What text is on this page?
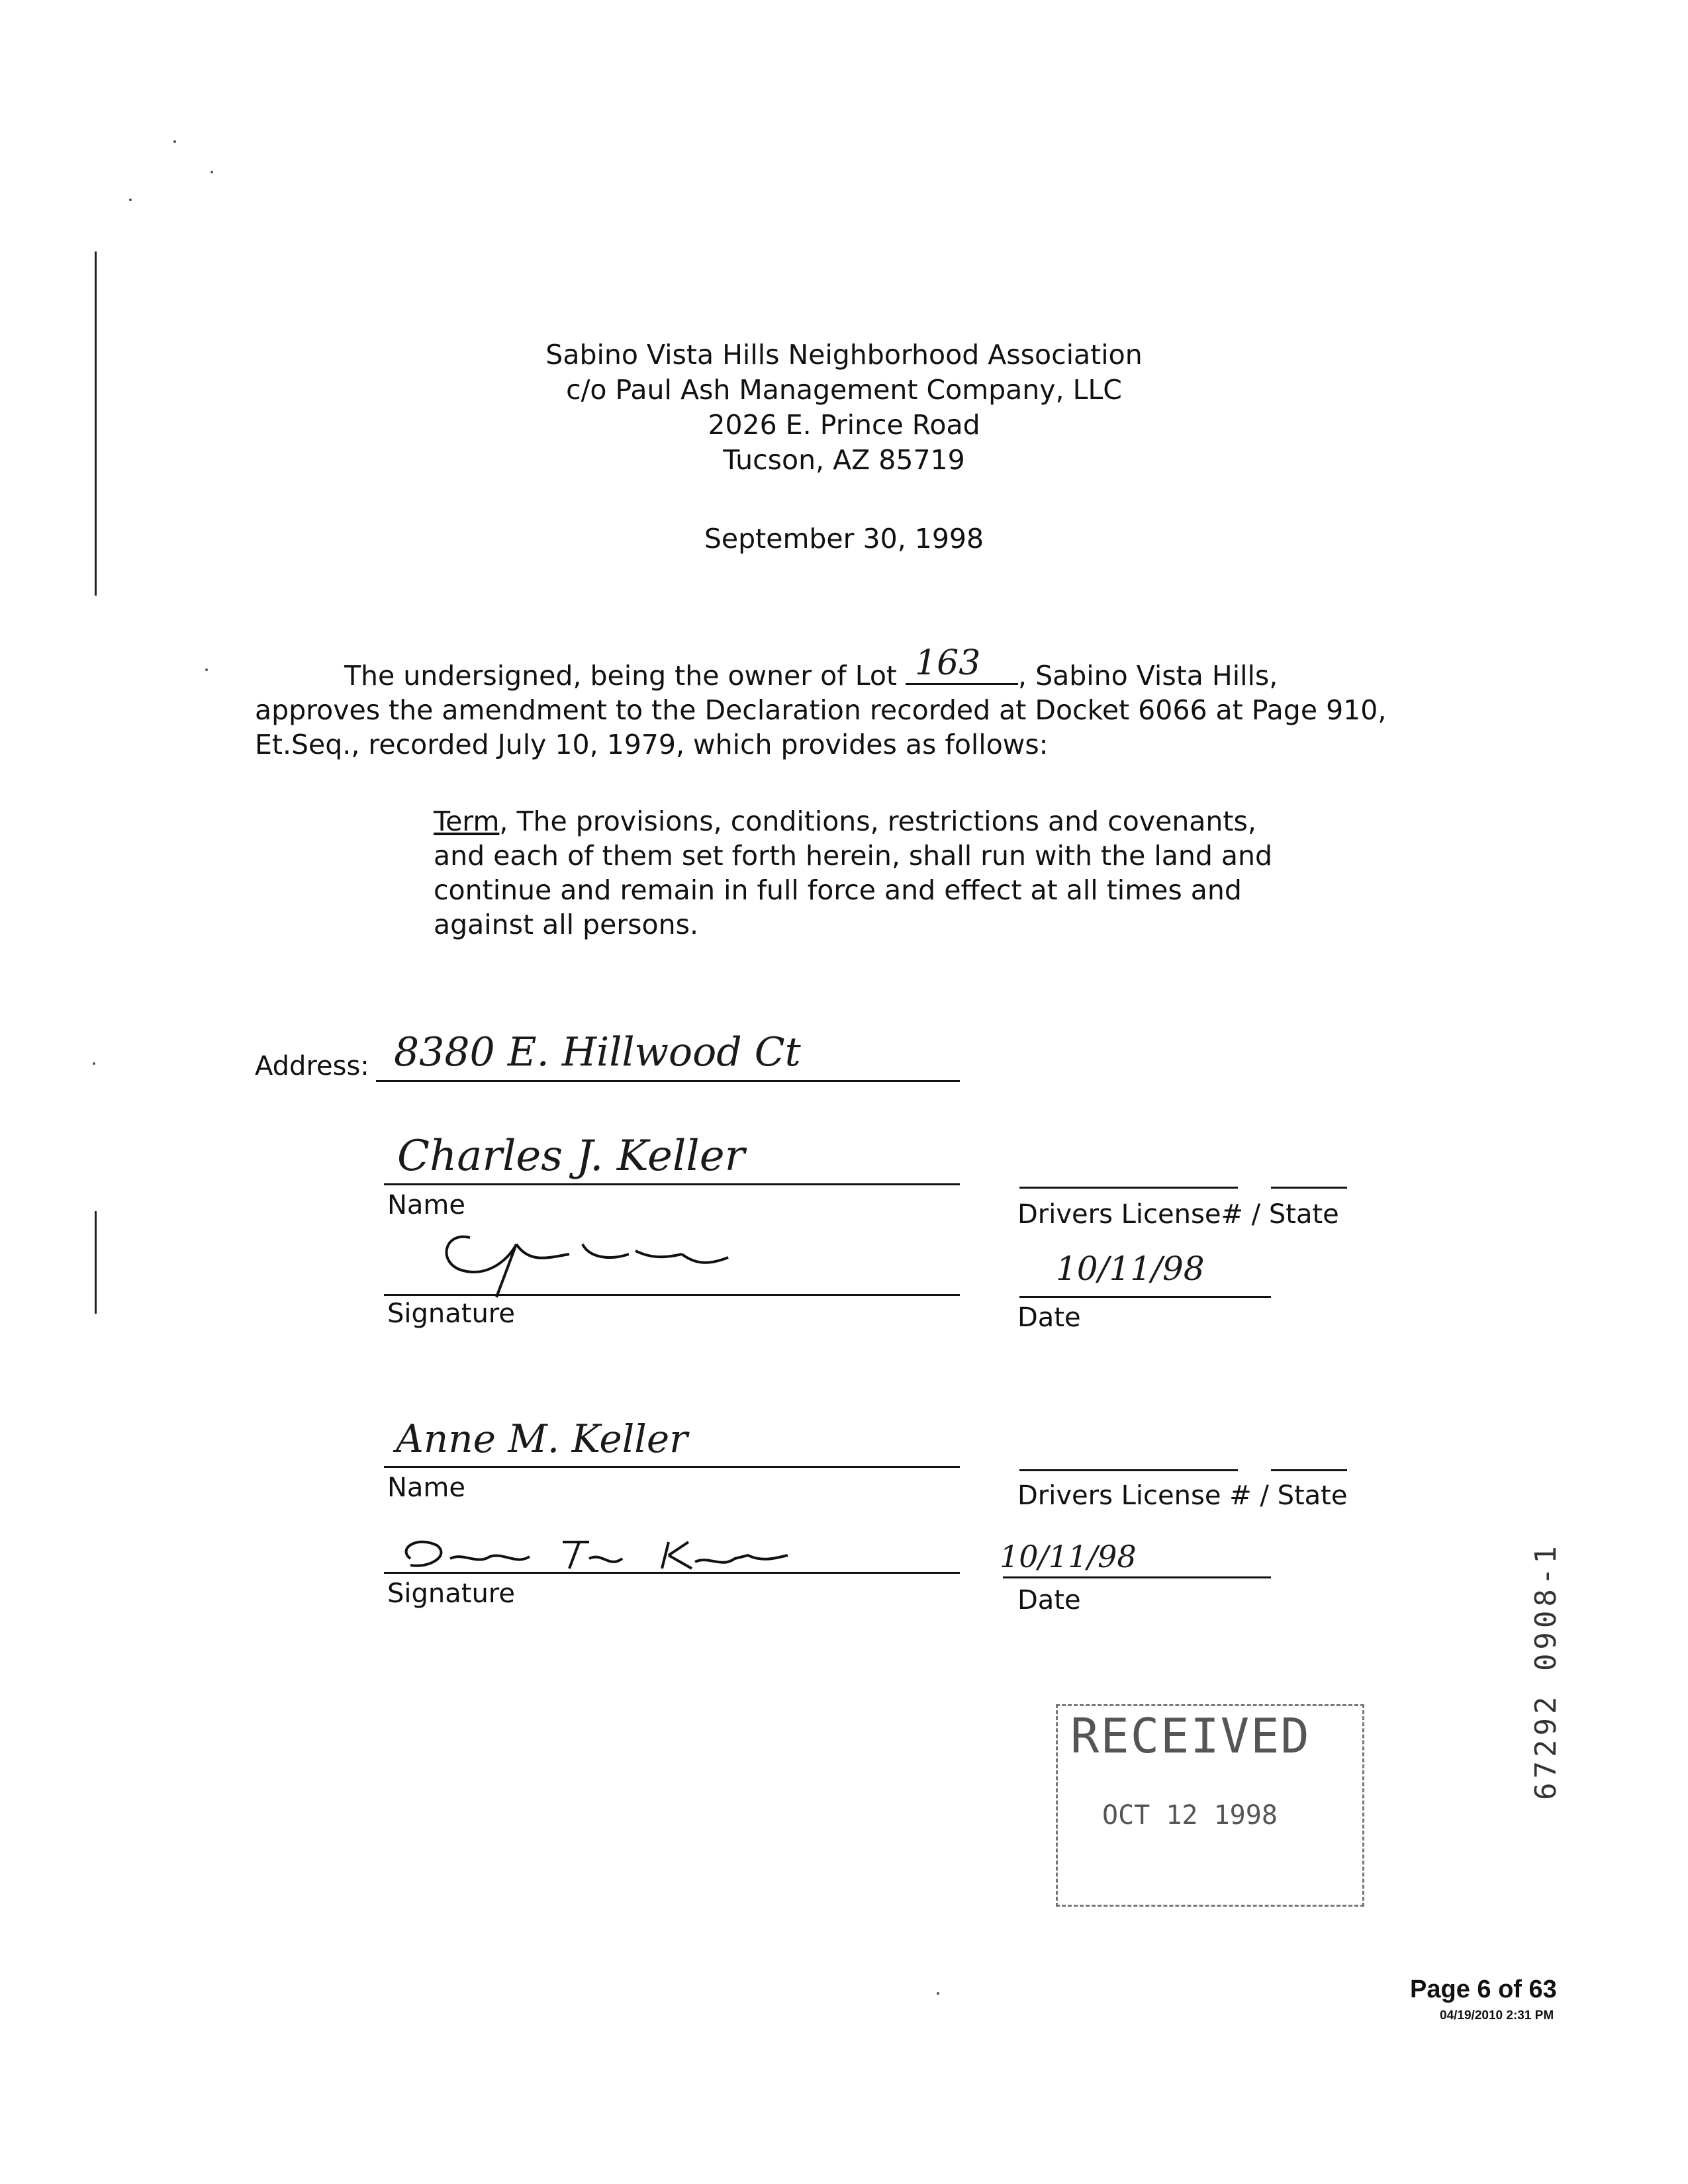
Sabino Vista Hills Neighborhood Association
c/o Paul Ash Management Company, LLC
2026 E. Prince Road
Tucson, AZ 85719
September 30, 1998
The undersigned, being the owner of Lot 163 , Sabino Vista Hills,
approves the amendment to the Declaration recorded at Docket 6066 at Page 910,
Et.Seq., recorded July 10, 1979, which provides as follows:
Term, The provisions, conditions, restrictions and covenants,
and each of them set forth herein, shall run with the land and
continue and remain in full force and effect at all times and
against all persons.
Address: 8380 E. Hillwood Ct
Charles J. Keller
Name
Signature
Drivers License# / State
10/11/98
Date
Anne M. Keller
Name
Signature
Drivers License # / State
10/11/98
Date
RECEIVED
OCT 12 1998
67292 0908-1
Page 6 of 63
04/19/2010 2:31 PM
